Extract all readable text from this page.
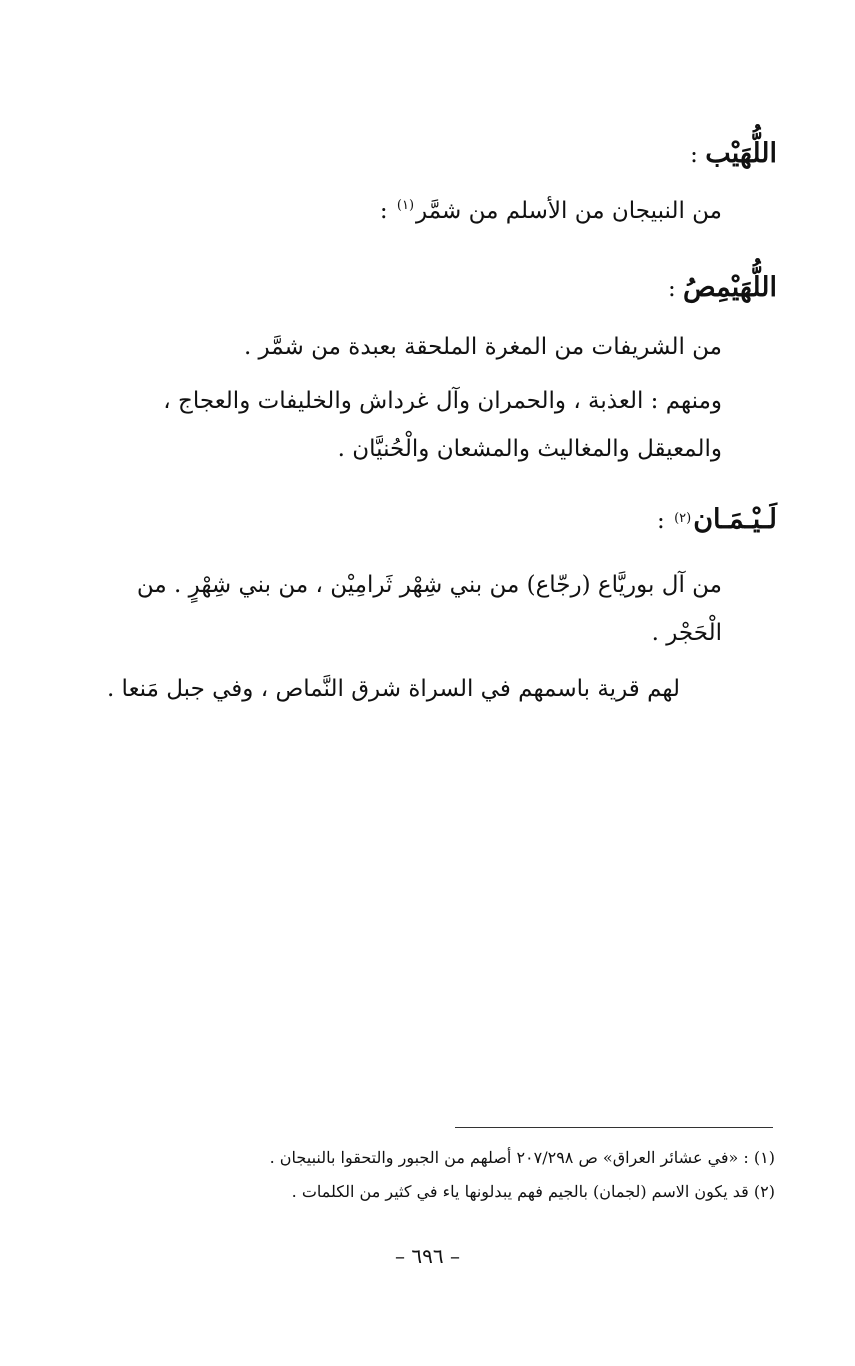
اللُّهَيْب :
من النبيجان من الأسلم من شمَّر$^{(١)}$ :
اللُّهَيْمِصُ :
من الشريفات من المغرة الملحقة بعبدة من شمَّر .
ومنهم : العذبة ، والحمران وآل غرداش والخليفات والعجاج ،
والمعيقل والمغاليث والمشعان والْحُنيَّان .
لَـيْـمَـان$^{(٢)}$ :
من آل بوريَّاع (رجّاع) من بني شِهْر ثَرامِيْن ، من بني شِهْرٍ . من
الْحَجْر .
لهم قرية باسمهم في السراة شرق النَّماص ، وفي جبل مَنعا .
(١) : «في عشائر العراق» ص ٢٠٧/٢٩٨ أصلهم من الجبور والتحقوا بالنبيجان .
(٢) قد يكون الاسم (لجمان) بالجيم فهم يبدلونها ياء في كثير من الكلمات .
– ٦٩٦ –
